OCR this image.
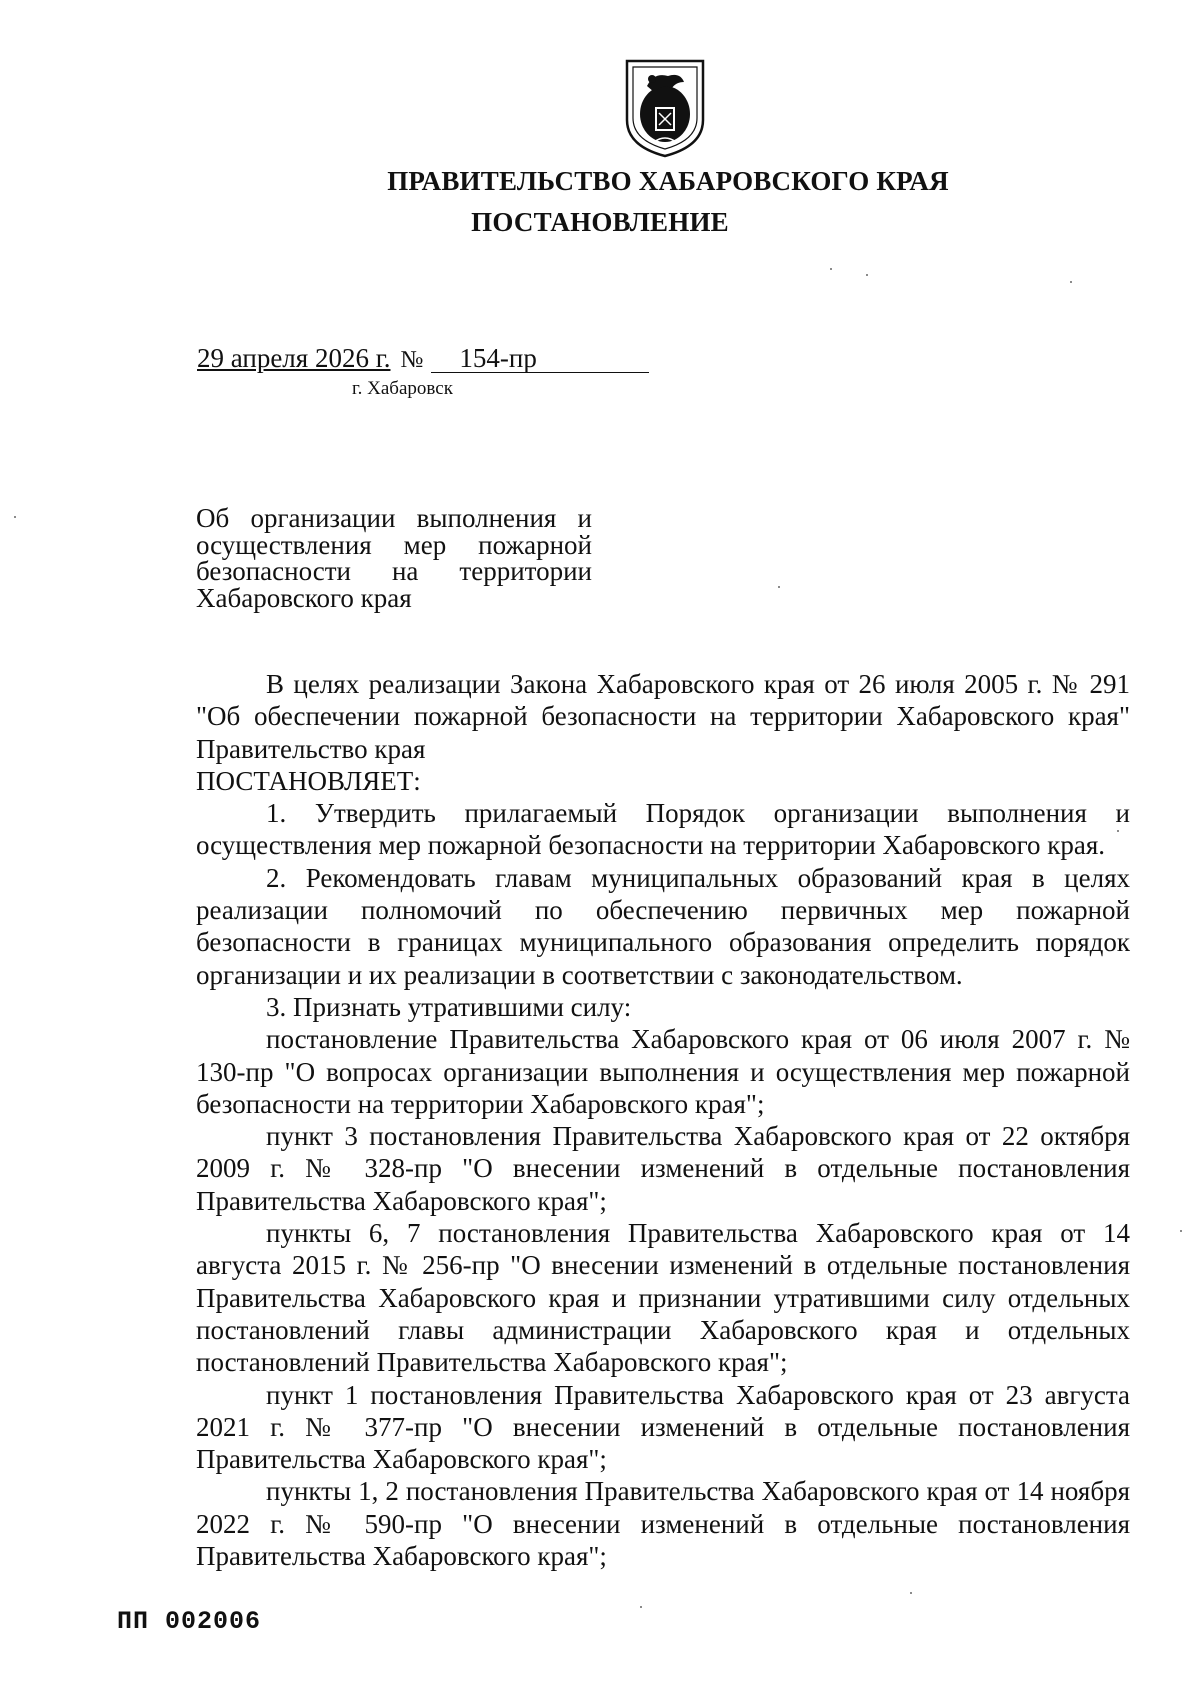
ПРАВИТЕЛЬСТВО ХАБАРОВСКОГО КРАЯ
ПОСТАНОВЛЕНИЕ
29 апреля 2026 г. № 154-пр
г. Хабаровск
Об организации выполнения и
осуществления мер пожарной
безопасности на территории
Хабаровского края

В целях реализации Закона Хабаровского края от 26 июля 2005 г. № 291 "Об обеспечении пожарной безопасности на территории Хабаровского края" Правительство края

ПОСТАНОВЛЯЕТ:

1. Утвердить прилагаемый Порядок организации выполнения и осуществления мер пожарной безопасности на территории Хабаровского края.

2. Рекомендовать главам муниципальных образований края в целях реализации полномочий по обеспечению первичных мер пожарной безопасности в границах муниципального образования определить порядок организации и их реализации в соответствии с законодательством.

3. Признать утратившими силу:

постановление Правительства Хабаровского края от 06 июля 2007 г. № 130-пр "О вопросах организации выполнения и осуществления мер пожарной безопасности на территории Хабаровского края";

пункт 3 постановления Правительства Хабаровского края от 22 октября 2009 г. № 328-пр "О внесении изменений в отдельные постановления Правительства Хабаровского края";

пункты 6, 7 постановления Правительства Хабаровского края от 14 августа 2015 г. № 256-пр "О внесении изменений в отдельные постановления Правительства Хабаровского края и признании утратившими силу отдельных постановлений главы администрации Хабаровского края и отдельных постановлений Правительства Хабаровского края";

пункт 1 постановления Правительства Хабаровского края от 23 августа 2021 г. № 377-пр "О внесении изменений в отдельные постановления Правительства Хабаровского края";

пункты 1, 2 постановления Правительства Хабаровского края от 14 ноября 2022 г. № 590-пр "О внесении изменений в отдельные постановления Правительства Хабаровского края";

ПП 002006
